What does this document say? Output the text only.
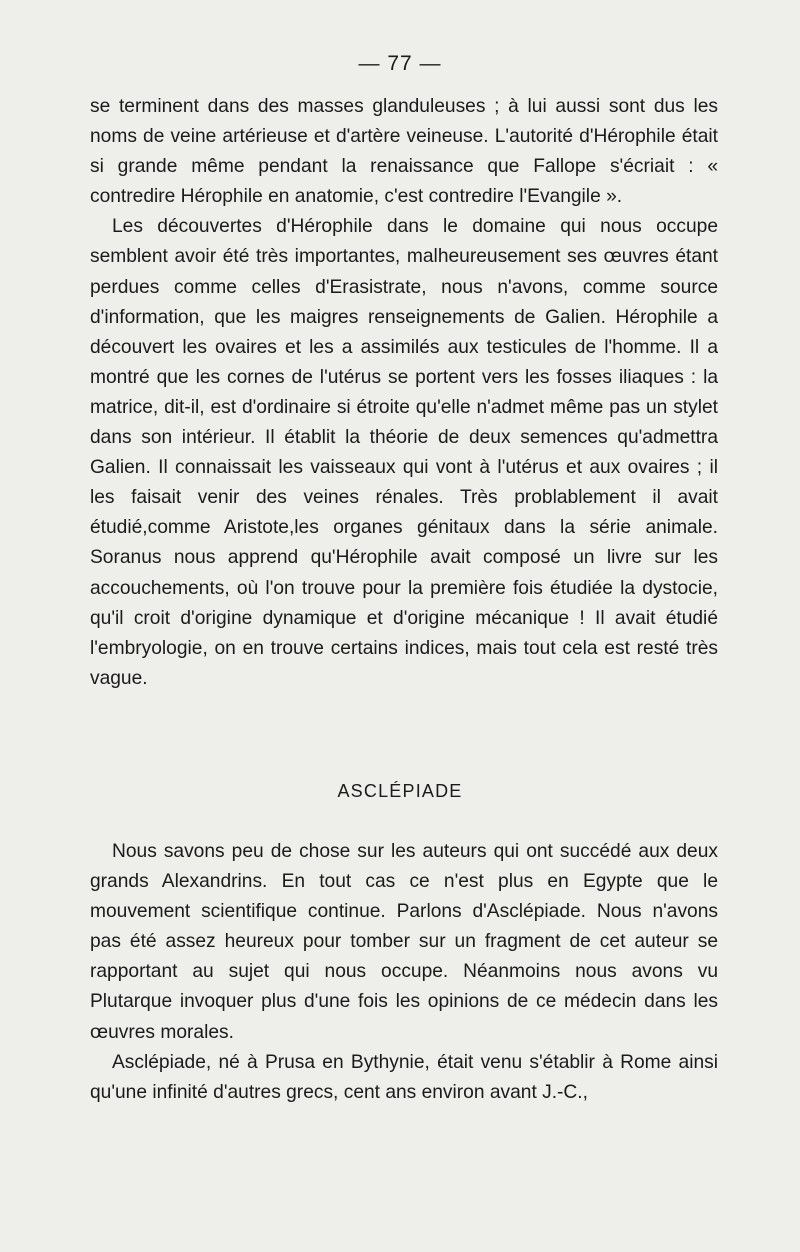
— 77 —

se terminent dans des masses glanduleuses ; à lui aussi sont dus les noms de veine artérieuse et d'artère veineuse. L'autorité d'Hérophile était si grande même pendant la renaissance que Fallope s'écriait : « contredire Hérophile en anatomie, c'est contredire l'Evangile ».

Les découvertes d'Hérophile dans le domaine qui nous occupe semblent avoir été très importantes, malheureusement ses œuvres étant perdues comme celles d'Erasistrate, nous n'avons, comme source d'information, que les maigres renseignements de Galien. Hérophile a découvert les ovaires et les a assimilés aux testicules de l'homme. Il a montré que les cornes de l'utérus se portent vers les fosses iliaques : la matrice, dit-il, est d'ordinaire si étroite qu'elle n'admet même pas un stylet dans son intérieur. Il établit la théorie de deux semences qu'admettra Galien. Il connaissait les vaisseaux qui vont à l'utérus et aux ovaires ; il les faisait venir des veines rénales. Très problablement il avait étudié,comme Aristote,les organes génitaux dans la série animale. Soranus nous apprend qu'Hérophile avait composé un livre sur les accouchements, où l'on trouve pour la première fois étudiée la dystocie, qu'il croit d'origine dynamique et d'origine mécanique ! Il avait étudié l'embryologie, on en trouve certains indices, mais tout cela est resté très vague.

ASCLÉPIADE

Nous savons peu de chose sur les auteurs qui ont succédé aux deux grands Alexandrins. En tout cas ce n'est plus en Egypte que le mouvement scientifique continue. Parlons d'Asclépiade. Nous n'avons pas été assez heureux pour tomber sur un fragment de cet auteur se rapportant au sujet qui nous occupe. Néanmoins nous avons vu Plutarque invoquer plus d'une fois les opinions de ce médecin dans les œuvres morales.

Asclépiade, né à Prusa en Bythynie, était venu s'établir à Rome ainsi qu'une infinité d'autres grecs, cent ans environ avant J.-C.,
